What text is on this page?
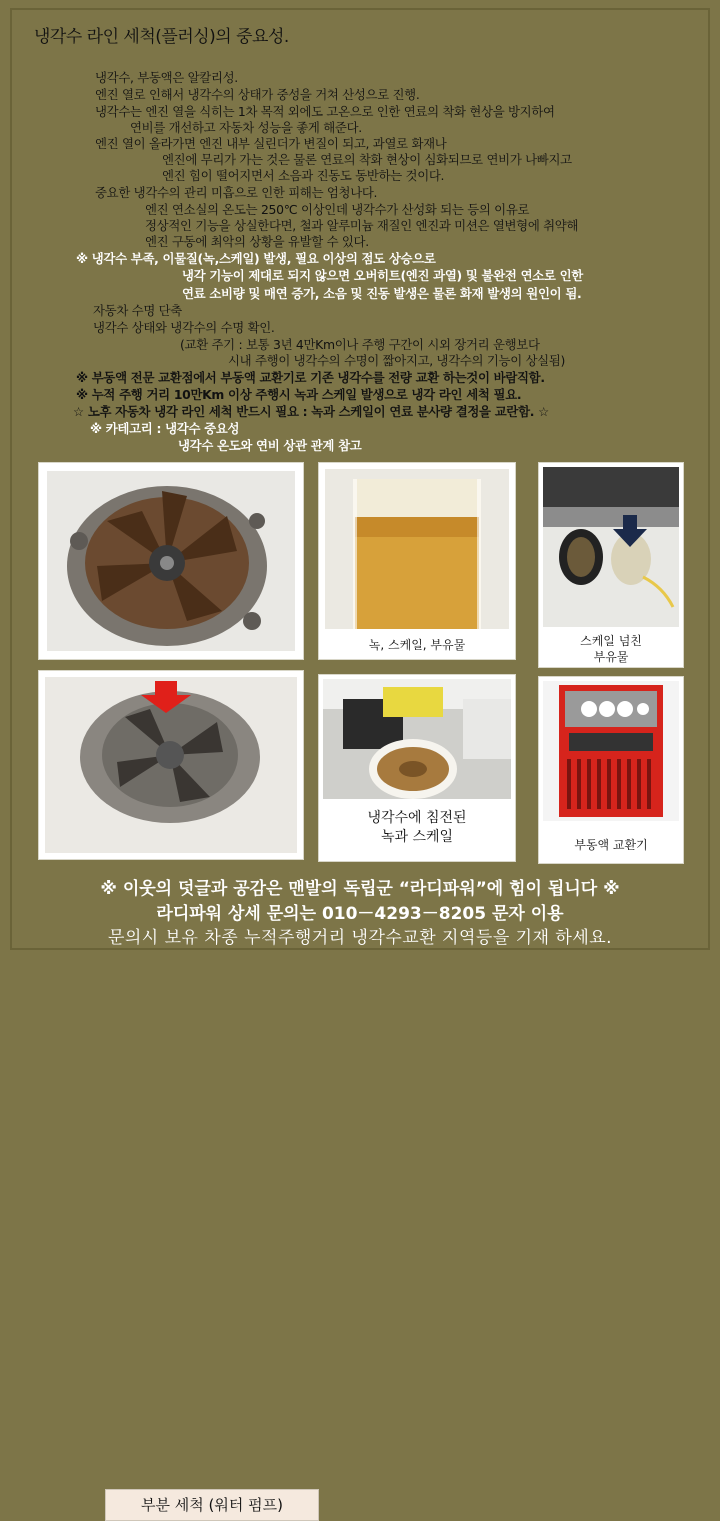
냉각수 라인 세척(플러싱)의 중요성.
냉각수, 부동액은 알칼리성.
엔진 열로 인해서 냉각수의 상태가 중성을 거쳐 산성으로 진행.
냉각수는 엔진 열을 식히는 1차 목적 외에도 고온으로 인한 연료의 착화 현상을 방지하여
연비를 개선하고 자동차 성능을 좋게 해준다.
엔진 열이 올라가면 엔진 내부 실린더가 변질이 되고, 과열로 화재나
엔진에 무리가 가는 것은 물론 연료의 착화 현상이 심화되므로 연비가 나빠지고
엔진 힘이 떨어지면서 소음과 진동도 동반하는 것이다.
중요한 냉각수의 관리 미흡으로 인한 피해는 엄청나다.
엔진 연소실의 온도는 250℃ 이상인데 냉각수가 산성화 되는 등의 이유로
정상적인 기능을 상실한다면, 철과 알루미늄 재질인 엔진과 미션은 열변형에 취약해
엔진 구동에 최악의 상황을 유발할 수 있다.
※ 냉각수 부족, 이물질(녹,스케일) 발생, 필요 이상의 점도 상승으로
냉각 기능이 제대로 되지 않으면 오버히트(엔진 과열) 및 불완전 연소로 인한
연료 소비량 및 매연 증가, 소음 및 진동 발생은 물론 화재 발생의 원인이 됨.
자동차 수명 단축
냉각수 상태와 냉각수의 수명 확인.
(교환 주기 : 보통 3년 4만Km이나 주행 구간이 시외 장거리 운행보다
시내 주행이 냉각수의 수명이 짧아지고, 냉각수의 기능이 상실됨)
※ 부동액 전문 교환점에서 부동액 교환기로 기존 냉각수를 전량 교환 하는것이 바람직함.
※ 누적 주행 거리 10만Km 이상 주행시 녹과 스케일 발생으로 냉각 라인 세척 필요.
☆ 노후 자동차 냉각 라인 세척 반드시 필요 : 녹과 스케일이 연료 분사량 결정을 교란함. ☆
※ 카테고리 : 냉각수 중요성
냉각수 온도와 연비 상관 관계 참고
녹, 스케일, 부유물	스케일 넘친
부유물
부분 세척 (워터 펌프)
냉각수에 침전된
녹과 스케일	부동액 교환기
※ 이웃의 덧글과 공감은 맨발의 독립군 “라디파워”에 힘이 됩니다 ※
라디파워 상세 문의는 010－4293－8205 문자 이용
문의시 보유 차종 누적주행거리 냉각수교환 지역등을 기재 하세요.
